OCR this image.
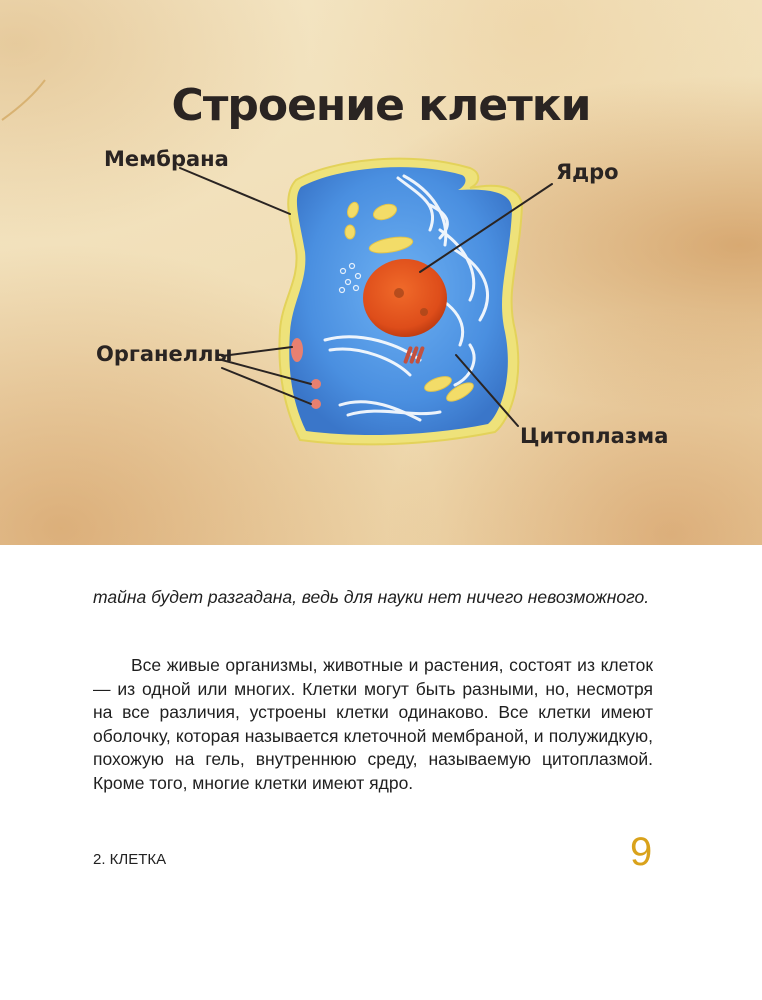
Строение клетки
Мембрана
Ядро
Органеллы
Цитоплазма

тайна будет разгадана, ведь для науки нет ничего невозможного.

Все живые организмы, животные и растения, состоят из клеток — из одной или многих. Клетки могут быть разными, но, несмотря на все различия, устроены клетки одинаково. Все клетки имеют оболочку, которая называется клеточной мембраной, и полужидкую, похожую на гель, внутреннюю среду, называемую цитоплазмой. Кроме того, многие клетки имеют ядро.

2. КЛЕТКА	9
